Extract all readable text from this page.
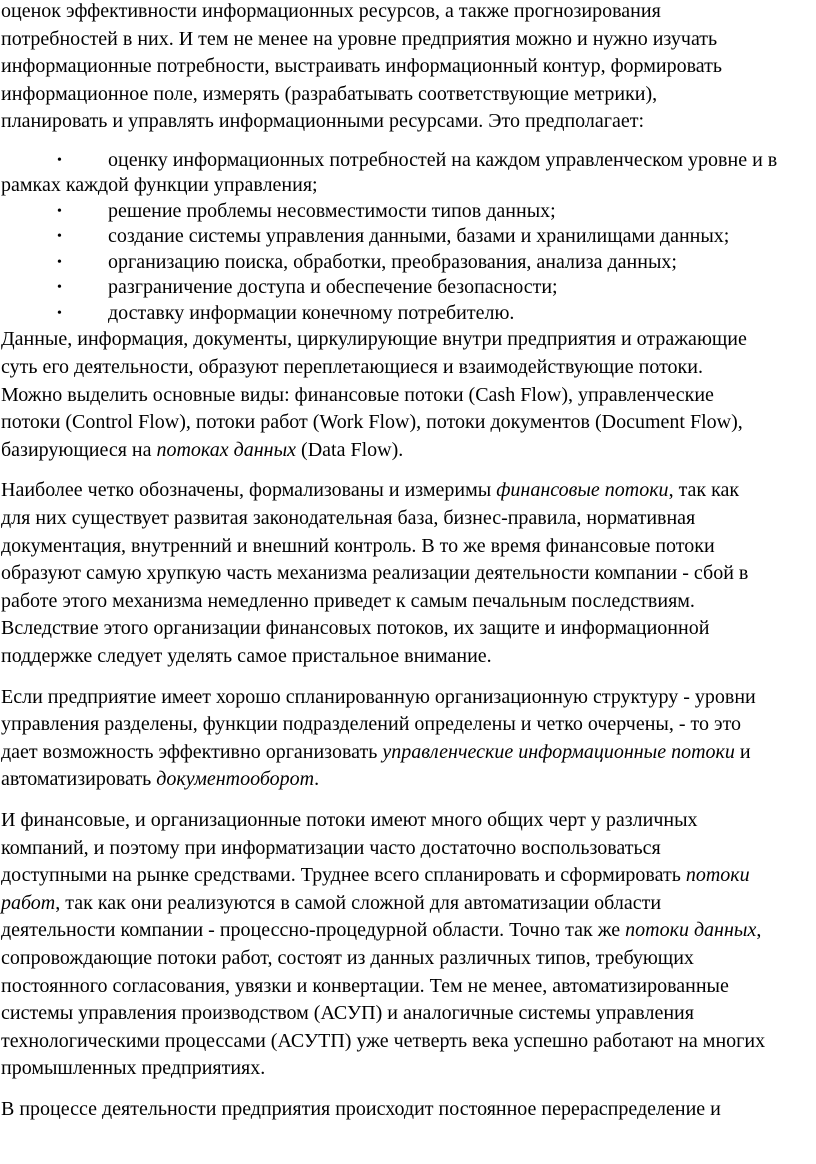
оценок эффективности информационных ресурсов, а также прогнозирования
потребностей в них. И тем не менее на уровне предприятия можно и нужно изучать
информационные потребности, выстраивать информационный контур, формировать
информационное поле, измерять (разрабатывать соответствующие метрики),
планировать и управлять информационными ресурсами. Это предполагает:

• оценку информационных потребностей на каждом управленческом уровне и в
рамках каждой функции управления;
• решение проблемы несовместимости типов данных;
• создание системы управления данными, базами и хранилищами данных;
• организацию поиска, обработки, преобразования, анализа данных;
• разграничение доступа и обеспечение безопасности;
• доставку информации конечному потребителю.

Данные, информация, документы, циркулирующие внутри предприятия и отражающие
суть его деятельности, образуют переплетающиеся и взаимодействующие потоки.
Можно выделить основные виды: финансовые потоки (Cash Flow), управленческие
потоки (Control Flow), потоки работ (Work Flow), потоки документов (Document Flow),
базирующиеся на потоках данных (Data Flow).

Наиболее четко обозначены, формализованы и измеримы финансовые потоки, так как
для них существует развитая законодательная база, бизнес-правила, нормативная
документация, внутренний и внешний контроль. В то же время финансовые потоки
образуют самую хрупкую часть механизма реализации деятельности компании - сбой в
работе этого механизма немедленно приведет к самым печальным последствиям.
Вследствие этого организации финансовых потоков, их защите и информационной
поддержке следует уделять самое пристальное внимание.

Если предприятие имеет хорошо спланированную организационную структуру - уровни
управления разделены, функции подразделений определены и четко очерчены, - то это
дает возможность эффективно организовать управленческие информационные потоки и
автоматизировать документооборот.

И финансовые, и организационные потоки имеют много общих черт у различных
компаний, и поэтому при информатизации часто достаточно воспользоваться
доступными на рынке средствами. Труднее всего спланировать и сформировать потоки
работ, так как они реализуются в самой сложной для автоматизации области
деятельности компании - процессно-процедурной области. Точно так же потоки данных,
сопровождающие потоки работ, состоят из данных различных типов, требующих
постоянного согласования, увязки и конвертации. Тем не менее, автоматизированные
системы управления производством (АСУП) и аналогичные системы управления
технологическими процессами (АСУТП) уже четверть века успешно работают на многих
промышленных предприятиях.

В процессе деятельности предприятия происходит постоянное перераспределение и
